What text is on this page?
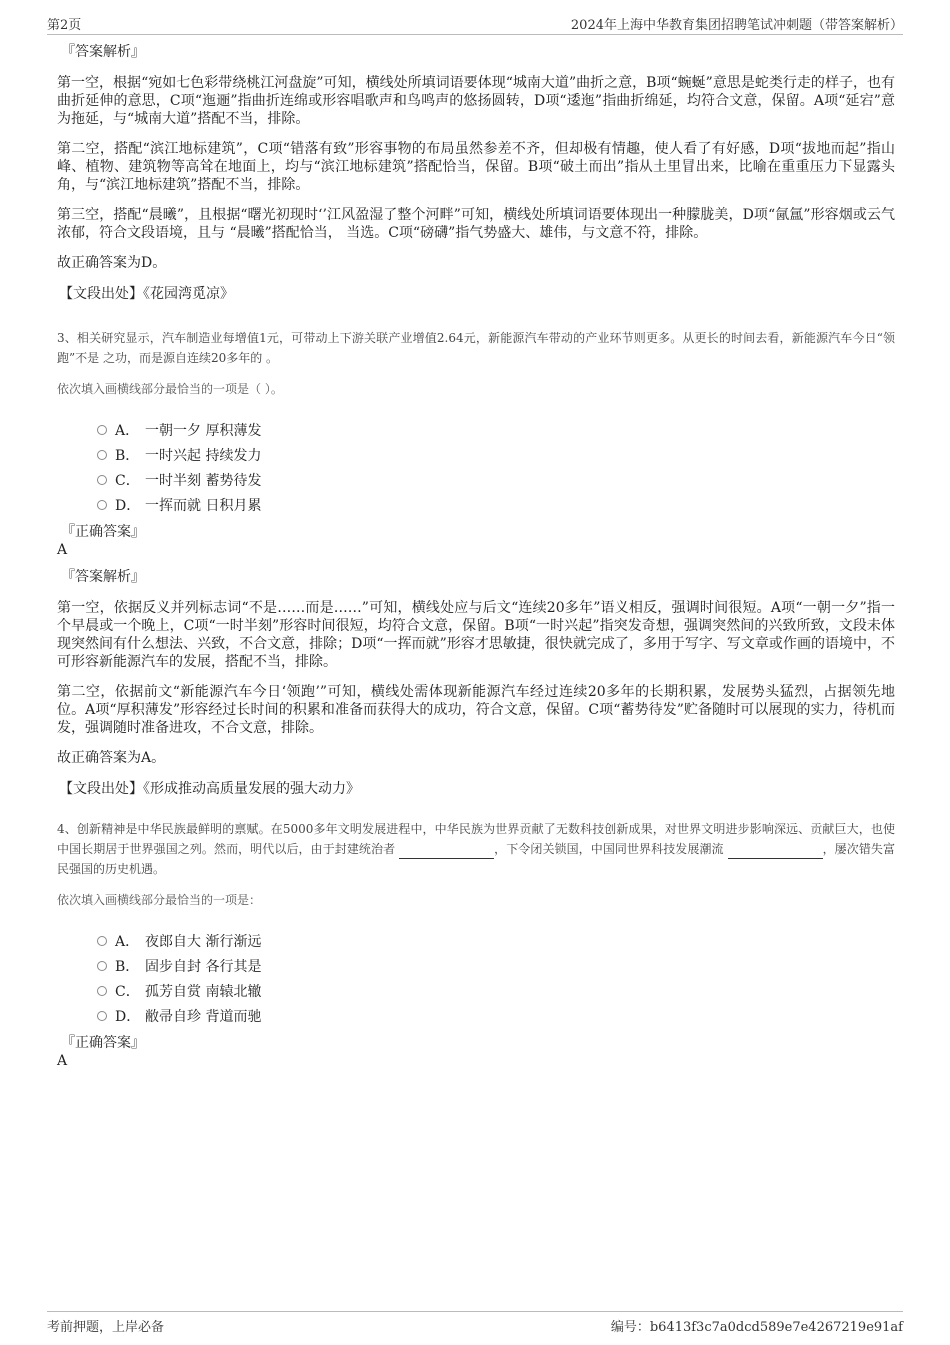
第2页	2024年上海中华教育集团招聘笔试冲刺题（带答案解析）
『答案解析』

第一空，根据“宛如七色彩带绕桃江河盘旋”可知，横线处所填词语要体现“城南大道”曲折之意，B项“蜿蜒”意思是蛇类行走的样子，也有曲折延伸的意思，C项“迤逦”指曲折连绵或形容唱歌声和鸟鸣声的悠扬圆转，D项“逶迤”指曲折绵延，均符合文意，保留。A项“延宕”意为拖延，与“城南大道”搭配不当，排除。

第二空，搭配“滨江地标建筑”，C项“错落有致”形容事物的布局虽然参差不齐，但却极有情趣，使人看了有好感，D项“拔地而起”指山峰、植物、建筑物等高耸在地面上，均与“滨江地标建筑”搭配恰当，保留。B项“破土而出”指从土里冒出来，比喻在重重压力下显露头角，与“滨江地标建筑”搭配不当，排除。

第三空，搭配“晨曦”，且根据“曙光初现时‘’江风盈湿了整个河畔”可知，横线处所填词语要体现出一种朦胧美，D项“氤氲”形容烟或云气浓郁，符合文段语境，且与 “晨曦”搭配恰当， 当选。C项“磅礴”指气势盛大、雄伟，与文意不符，排除。

故正确答案为D。

【文段出处】《花园湾觅凉》

3、相关研究显示，汽车制造业每增值1元，可带动上下游关联产业增值2.64元，新能源汽车带动的产业环节则更多。从更长的时间去看，新能源汽车今日“领跑”不是 之功，而是源自连续20多年的 。

依次填入画横线部分最恰当的一项是（ ）。

A． 一朝一夕 厚积薄发
B． 一时兴起 持续发力
C． 一时半刻 蓄势待发
D． 一挥而就 日积月累
『正确答案』
A
『答案解析』

第一空，依据反义并列标志词“不是……而是……”可知，横线处应与后文“连续20多年”语义相反，强调时间很短。A项“一朝一夕”指一个早晨或一个晚上，C项“一时半刻”形容时间很短，均符合文意，保留。B项“一时兴起”指突发奇想，强调突然间的兴致所致，文段未体现突然间有什么想法、兴致，不合文意，排除；D项“一挥而就”形容才思敏捷，很快就完成了，多用于写字、写文章或作画的语境中，不可形容新能源汽车的发展，搭配不当，排除。

第二空，依据前文“新能源汽车今日‘领跑’”可知，横线处需体现新能源汽车经过连续20多年的长期积累，发展势头猛烈，占据领先地位。A项“厚积薄发”形容经过长时间的积累和准备而获得大的成功，符合文意，保留。C项“蓄势待发”贮备随时可以展现的实力，待机而发，强调随时准备进攻，不合文意，排除。

故正确答案为A。

【文段出处】《形成推动高质量发展的强大动力》

4、创新精神是中华民族最鲜明的禀赋。在5000多年文明发展进程中，中华民族为世界贡献了无数科技创新成果，对世界文明进步影响深远、贡献巨大，也使中国长期居于世界强国之列。然而，明代以后，由于封建统治者	，下令闭关锁国，中国同世界科技发展潮流	，屡次错失富民强国的历史机遇。

依次填入画横线部分最恰当的一项是：

A． 夜郎自大 渐行渐远
B． 固步自封 各行其是
C． 孤芳自赏 南辕北辙
D． 敝帚自珍 背道而驰
『正确答案』
A
考前押题，上岸必备	编号：b6413f3c7a0dcd589e7e4267219e91af
